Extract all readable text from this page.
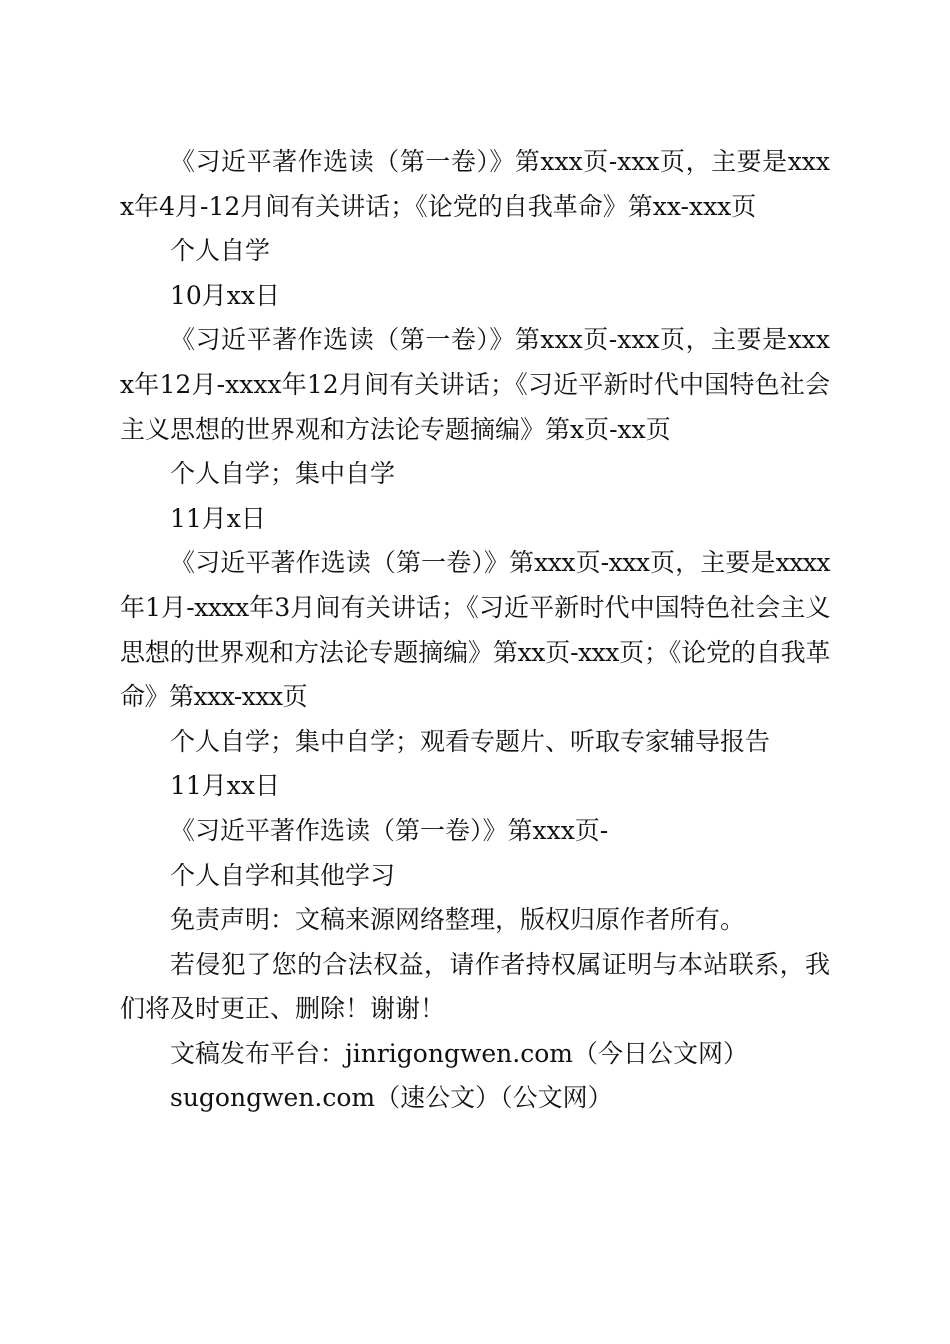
《习近平著作选读（第一卷）》第xxx页-xxx页，主要是xxxx年4月-12月间有关讲话；《论党的自我革命》第xx-xxx页

个人自学

10月xx日

《习近平著作选读（第一卷）》第xxx页-xxx页，主要是xxxx年12月-xxxx年12月间有关讲话；《习近平新时代中国特色社会主义思想的世界观和方法论专题摘编》第x页-xx页

个人自学；集中自学

11月x日

《习近平著作选读（第一卷）》第xxx页-xxx页，主要是xxxx年1月-xxxx年3月间有关讲话；《习近平新时代中国特色社会主义思想的世界观和方法论专题摘编》第xx页-xxx页；《论党的自我革命》第xxx-xxx页

个人自学；集中自学；观看专题片、听取专家辅导报告

11月xx日

《习近平著作选读（第一卷）》第xxx页-

个人自学和其他学习

免责声明：文稿来源网络整理，版权归原作者所有。

若侵犯了您的合法权益，请作者持权属证明与本站联系，我们将及时更正、删除！谢谢！

文稿发布平台：jinrigongwen.com（今日公文网）

sugongwen.com（速公文）（公文网）
